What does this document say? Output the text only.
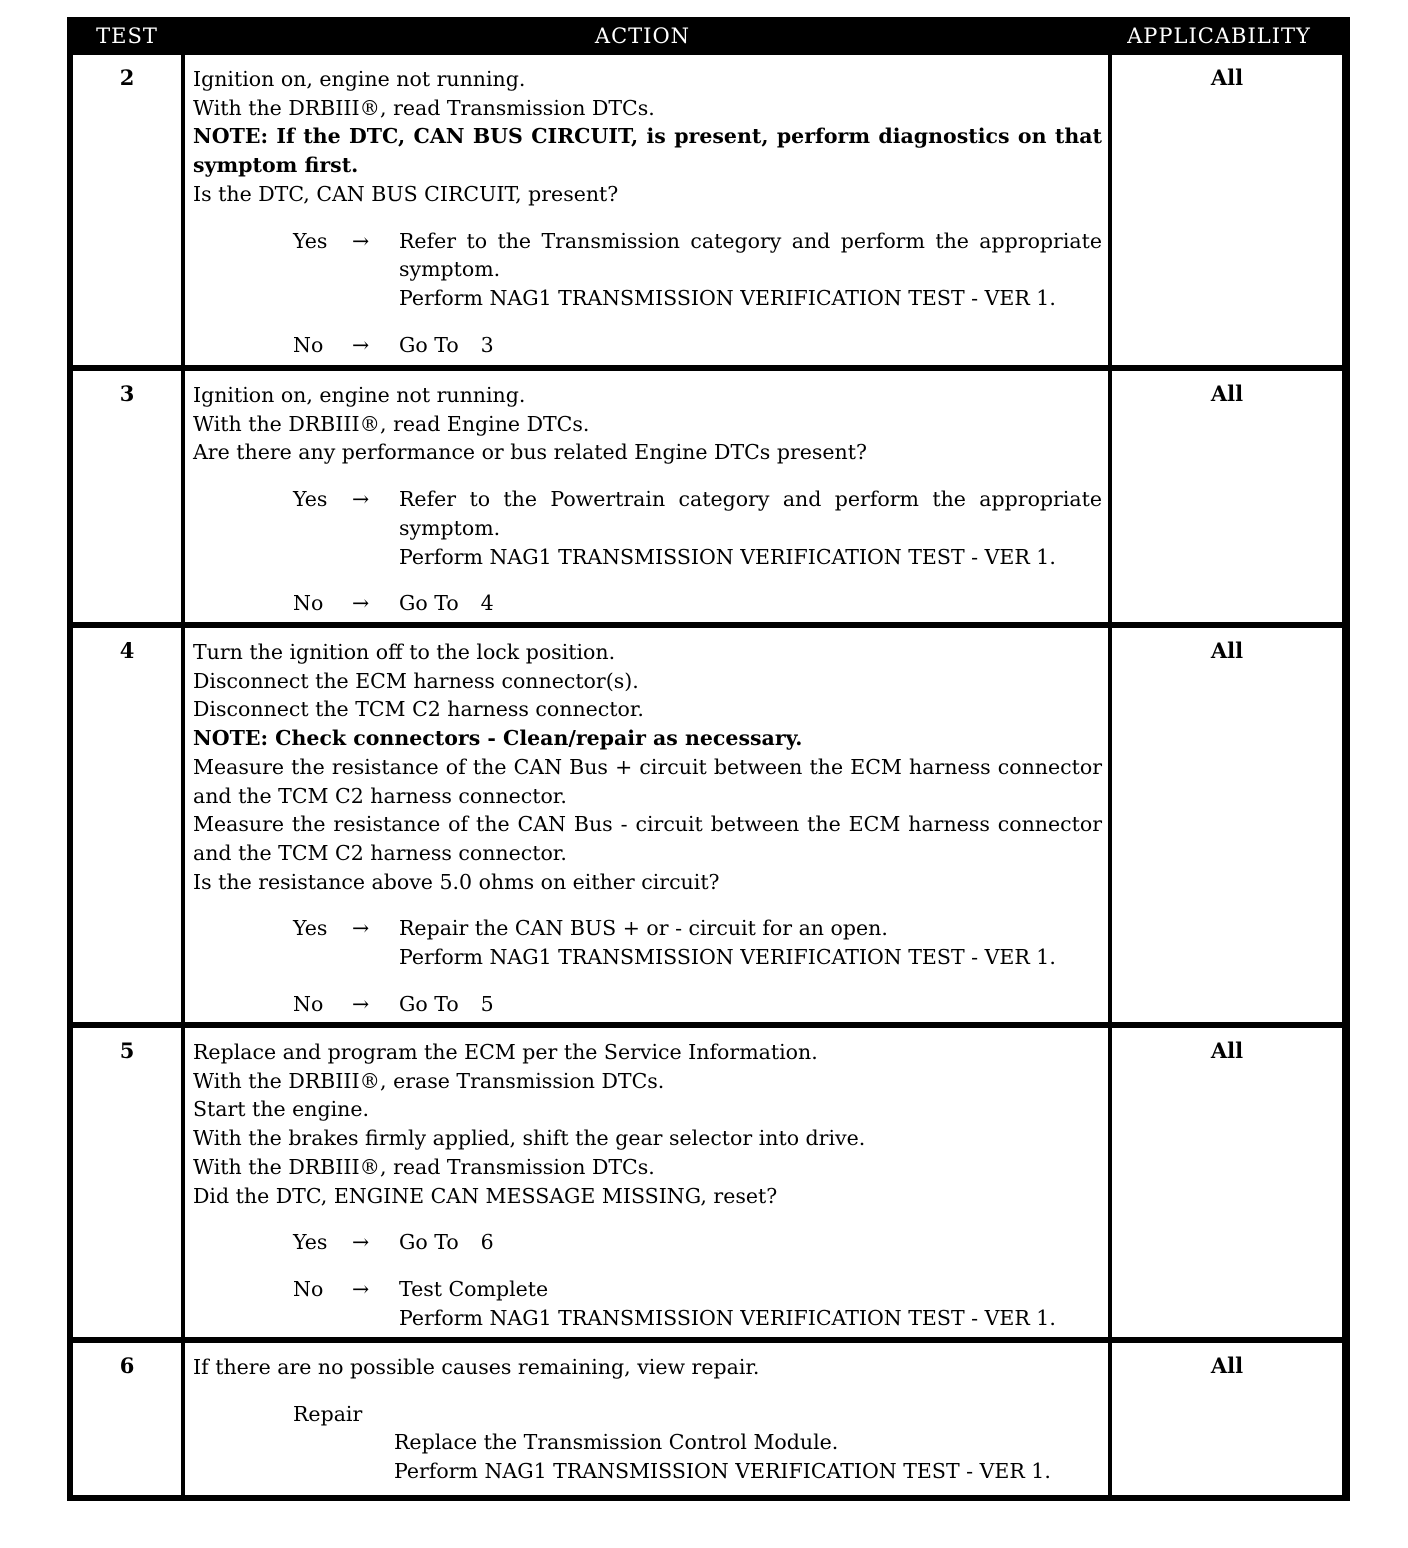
TEST	ACTION	APPLICABILITY
2	Ignition on, engine not running.
With the DRBIII®, read Transmission DTCs.
NOTE: If the DTC, CAN BUS CIRCUIT, is present, perform diagnostics on that symptom first.
Is the DTC, CAN BUS CIRCUIT, present?
Yes	→	Refer to the Transmission category and perform the appropriate symptom.
Perform NAG1 TRANSMISSION VERIFICATION TEST - VER 1.
No	→	Go To 3
All
3	Ignition on, engine not running.
With the DRBIII®, read Engine DTCs.
Are there any performance or bus related Engine DTCs present?
Yes	→	Refer to the Powertrain category and perform the appropriate symptom.
Perform NAG1 TRANSMISSION VERIFICATION TEST - VER 1.
No	→	Go To 4
All
4	Turn the ignition off to the lock position.
Disconnect the ECM harness connector(s).
Disconnect the TCM C2 harness connector.
NOTE: Check connectors - Clean/repair as necessary.
Measure the resistance of the CAN Bus + circuit between the ECM harness connector and the TCM C2 harness connector.
Measure the resistance of the CAN Bus - circuit between the ECM harness connector and the TCM C2 harness connector.
Is the resistance above 5.0 ohms on either circuit?
Yes	→	Repair the CAN BUS + or - circuit for an open.
Perform NAG1 TRANSMISSION VERIFICATION TEST - VER 1.
No	→	Go To 5
All
5	Replace and program the ECM per the Service Information.
With the DRBIII®, erase Transmission DTCs.
Start the engine.
With the brakes firmly applied, shift the gear selector into drive.
With the DRBIII®, read Transmission DTCs.
Did the DTC, ENGINE CAN MESSAGE MISSING, reset?
Yes	→	Go To 6
No	→	Test Complete
Perform NAG1 TRANSMISSION VERIFICATION TEST - VER 1.
All
6	If there are no possible causes remaining, view repair.
Repair
Replace the Transmission Control Module.
Perform NAG1 TRANSMISSION VERIFICATION TEST - VER 1.
All
